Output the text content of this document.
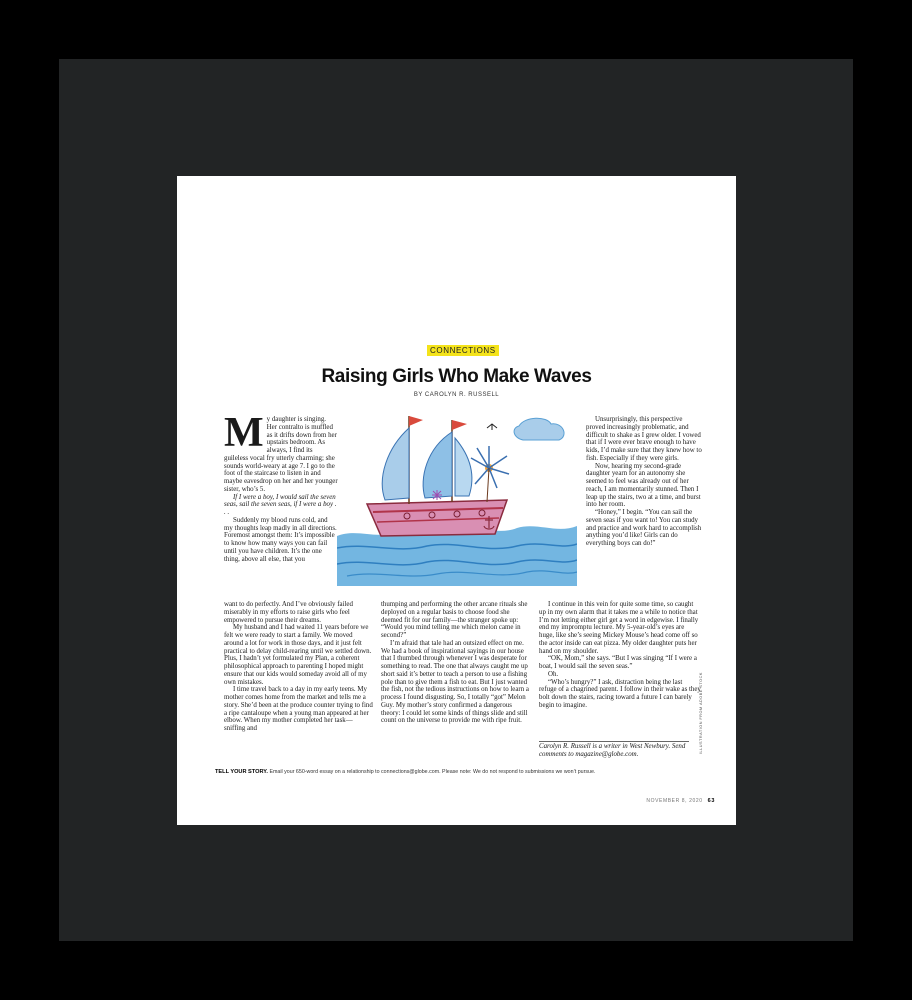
CONNECTIONS
Raising Girls Who Make Waves
BY CAROLYN R. RUSSELL

My daughter is singing. Her contralto is muffled as it drifts down from her upstairs bedroom. As always, I find its guileless vocal fry utterly charming; she sounds world-weary at age 7. I go to the foot of the staircase to listen in and maybe eavesdrop on her and her younger sister, who’s 5.

If I were a boy, I would sail the seven seas, sail the seven seas, if I were a boy . . .

Suddenly my blood runs cold, and my thoughts leap madly in all directions. Foremost amongst them: It’s impossible to know how many ways you can fail until you have children. It’s the one thing, above all else, that you

want to do perfectly. And I’ve obviously failed miserably in my efforts to raise girls who feel empowered to pursue their dreams.

My husband and I had waited 11 years before we felt we were ready to start a family. We moved around a lot for work in those days, and it just felt practical to delay child-rearing until we settled down. Plus, I hadn’t yet formulated my Plan, a coherent philosophical approach to parenting I hoped might ensure that our kids would someday avoid all of my own mistakes.

I time travel back to a day in my early teens. My mother comes home from the market and tells me a story. She’d been at the produce counter trying to find a ripe cantaloupe when a young man appeared at her elbow. When my mother completed her task—sniffing and

thumping and performing the other arcane rituals she deployed on a regular basis to choose food she deemed fit for our family—the stranger spoke up: “Would you mind telling me which melon came in second?”

I’m afraid that tale had an outsized effect on me. We had a book of inspirational sayings in our house that I thumbed through whenever I was desperate for something to read. The one that always caught me up short said it’s better to teach a person to use a fishing pole than to give them a fish to eat. But I just wanted the fish, not the tedious instructions on how to learn a process I found disgusting. So, I totally “got” Melon Guy. My mother’s story confirmed a dangerous theory: I could let some kinds of things slide and still count on the universe to provide me with ripe fruit.

Unsurprisingly, this perspective proved increasingly problematic, and difficult to shake as I grew older. I vowed that if I were ever brave enough to have kids, I’d make sure that they knew how to fish. Especially if they were girls.

Now, hearing my second-grade daughter yearn for an autonomy she seemed to feel was already out of her reach, I am momentarily stunned. Then I leap up the stairs, two at a time, and burst into her room.

“Honey,” I begin. “You can sail the seven seas if you want to! You can study and practice and work hard to accomplish anything you’d like! Girls can do everything boys can do!”

I continue in this vein for quite some time, so caught up in my own alarm that it takes me a while to notice that I’m not letting either girl get a word in edgewise. I finally end my impromptu lecture. My 5-year-old’s eyes are huge, like she’s seeing Mickey Mouse’s head come off so the actor inside can eat pizza. My older daughter puts her hand on my shoulder.

“OK, Mom,” she says. “But I was singing “If I were a boat, I would sail the seven seas.”

Oh.

“Who’s hungry?” I ask, distraction being the last refuge of a chagrined parent. I follow in their wake as they bolt down the stairs, racing toward a future I can barely begin to imagine.

Carolyn R. Russell is a writer in West Newbury. Send comments to magazine@globe.com.
ILLUSTRATION FROM ADOBE STOCK
TELL YOUR STORY. Email your 650-word essay on a relationship to connections@globe.com. Please note: We do not respond to submissions we won’t pursue.
NOVEMBER 8, 2020 63
